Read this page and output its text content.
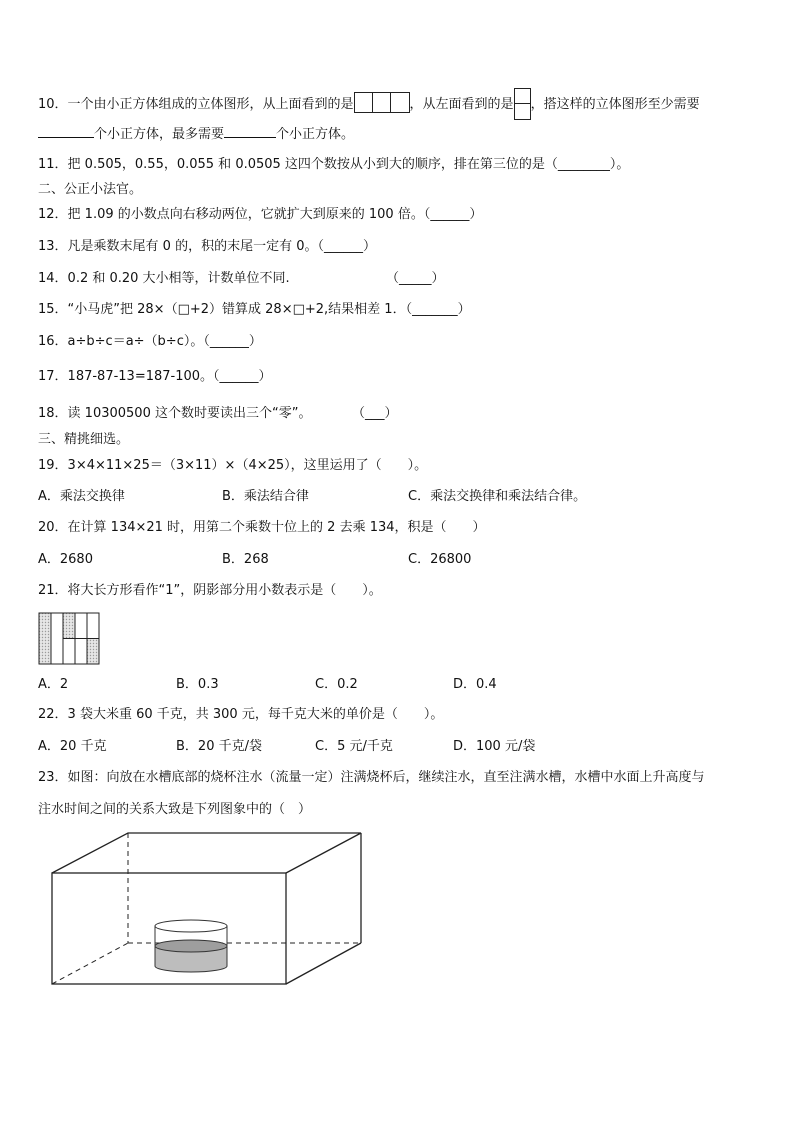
10．一个由小正方体组成的立体图形，从上面看到的是	，从左面看到的是 ，搭这样的立体图形至少需要
个小正方体，最多需要	个小正方体。
11．把 0.505，0.55，0.055 和 0.0505 这四个数按从小到大的顺序，排在第三位的是（________）。
二、公正小法官。
12．把 1.09 的小数点向右移动两位，它就扩大到原来的 100 倍。（______）
13．凡是乘数末尾有 0 的，积的末尾一定有 0。（______）
14．0.2 和 0.20 大小相等，计数单位不同.	（_____）
15．“小马虎”把 28×（□+2）错算成 28×□+2,结果相差 1．（_______）
16．a÷b÷c＝a÷（b÷c）。（______）
17．187-87-13=187-100。（______）
18．读 10300500 这个数时要读出三个“零”。	（___）
三、精挑细选。
19．3×4×11×25＝（3×11）×（4×25），这里运用了（　　）。
A．乘法交换律	B．乘法结合律	C．乘法交换律和乘法结合律。
20．在计算 134×21 时，用第二个乘数十位上的 2 去乘 134，积是（　　）
A．2680	B．268	C．26800
21．将大长方形看作“1”，阴影部分用小数表示是（　　）。
A．2	B．0.3	C．0.2	D．0.4
22．3 袋大米重 60 千克，共 300 元，每千克大米的单价是（　　）。
A．20 千克	B．20 千克/袋	C．5 元/千克	D．100 元/袋
23．如图：向放在水槽底部的烧杯注水（流量一定）注满烧杯后，继续注水，直至注满水槽，水槽中水面上升高度与
注水时间之间的关系大致是下列图象中的（　）
